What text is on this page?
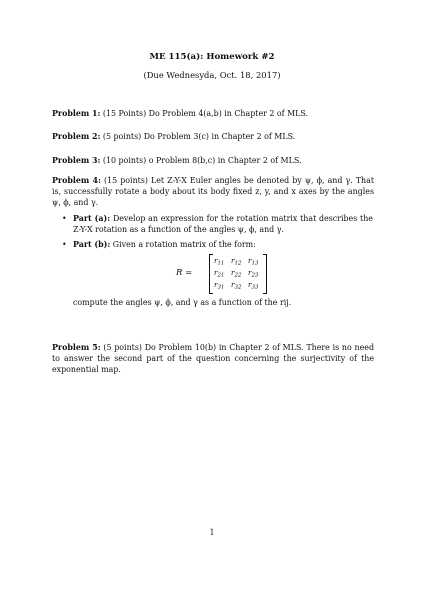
ME 115(a): Homework #2
(Due Wednesyda, Oct. 18, 2017)
Problem 1: (15 Points) Do Problem 4(a,b) in Chapter 2 of MLS.
Problem 2: (5 points) Do Problem 3(c) in Chapter 2 of MLS.
Problem 3: (10 points) o Problem 8(b,c) in Chapter 2 of MLS.
Problem 4: (15 points) Let Z-Y-X Euler angles be denoted by ψ, ϕ, and γ. That is, successfully rotate a body about its body fixed z, y, and x axes by the angles ψ, ϕ, and γ.
• Part (a): Develop an expression for the rotation matrix that describes the Z-Y-X rotation as a function of the angles ψ, ϕ, and γ.
• Part (b): Given a rotation matrix of the form:
R =
$r_{11}$ $r_{12}$ $r_{13}$
$r_{21}$ $r_{22}$ $r_{23}$
$r_{31}$ $r_{32}$ $r_{33}$
compute the angles ψ, ϕ, and γ as a function of the rij.
Problem 5: (5 points) Do Problem 10(b) in Chapter 2 of MLS. There is no need to answer the second part of the question concerning the surjectivity of the exponential map.
1
